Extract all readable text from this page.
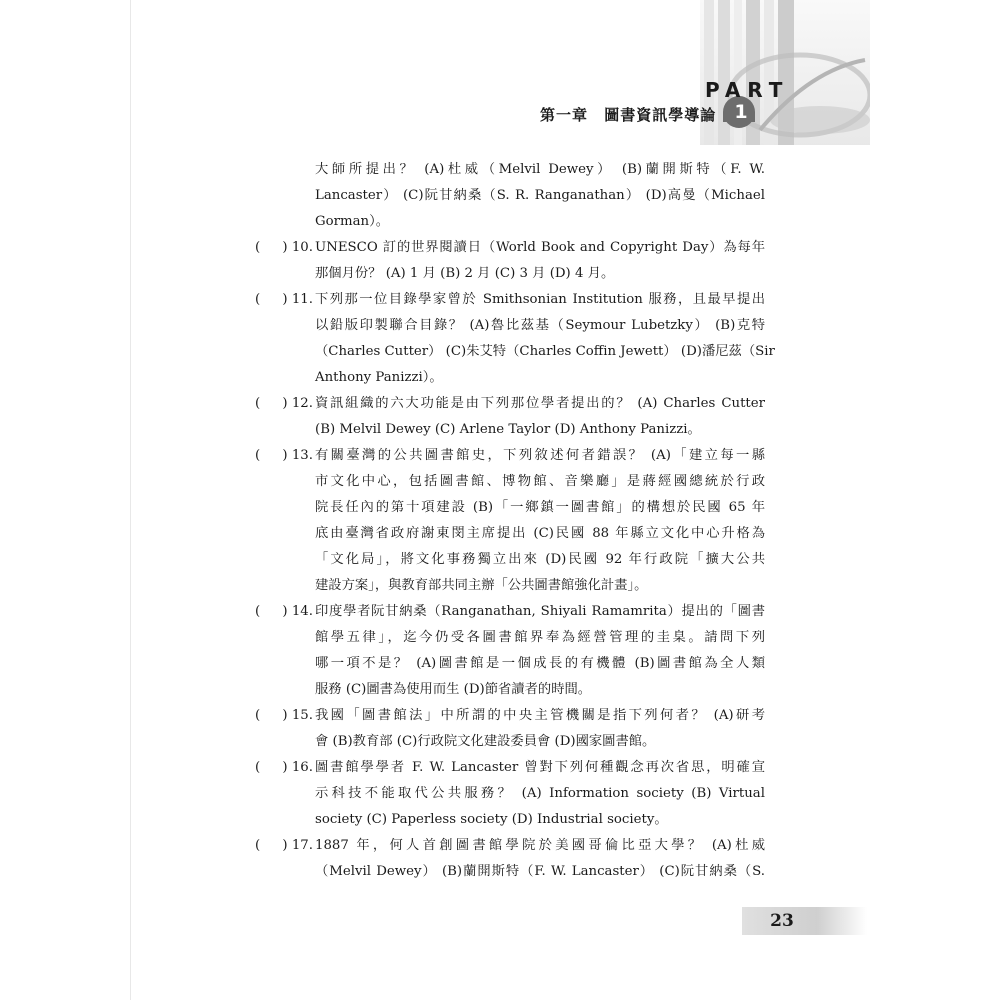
PART
1
第一章 圖書資訊學導論
大師所提出？ (A)杜威（Melvil Dewey） (B)蘭開斯特（F. W.
Lancaster） (C)阮甘納桑（S. R. Ranganathan） (D)高曼（Michael
Gorman）。
( ) 10. UNESCO 訂的世界閱讀日（World Book and Copyright Day）為每年
那個月份？ (A) 1 月 (B) 2 月 (C) 3 月 (D) 4 月。
( ) 11. 下列那一位目錄學家曾於 Smithsonian Institution 服務，且最早提出
以鉛版印製聯合目錄？ (A)魯比茲基（Seymour Lubetzky） (B)克特
（Charles Cutter） (C)朱艾特（Charles Coffin Jewett） (D)潘尼茲（Sir
Anthony Panizzi）。
( ) 12. 資訊組織的六大功能是由下列那位學者提出的？ (A) Charles Cutter
(B) Melvil Dewey (C) Arlene Taylor (D) Anthony Panizzi。
( ) 13. 有關臺灣的公共圖書館史，下列敘述何者錯誤？ (A)「建立每一縣
市文化中心，包括圖書館、博物館、音樂廳」是蔣經國總統於行政
院長任內的第十項建設 (B)「一鄉鎮一圖書館」的構想於民國 65 年
底由臺灣省政府謝東閔主席提出 (C)民國 88 年縣立文化中心升格為
「文化局」，將文化事務獨立出來 (D)民國 92 年行政院「擴大公共
建設方案」，與教育部共同主辦「公共圖書館強化計畫」。
( ) 14. 印度學者阮甘納桑（Ranganathan, Shiyali Ramamrita）提出的「圖書
館學五律」，迄今仍受各圖書館界奉為經營管理的圭臬。請問下列
哪一項不是？ (A)圖書館是一個成長的有機體 (B)圖書館為全人類
服務 (C)圖書為使用而生 (D)節省讀者的時間。
( ) 15. 我國「圖書館法」中所謂的中央主管機關是指下列何者？ (A)研考
會 (B)教育部 (C)行政院文化建設委員會 (D)國家圖書館。
( ) 16. 圖書館學學者 F. W. Lancaster 曾對下列何種觀念再次省思，明確宣
示科技不能取代公共服務？ (A) Information society (B) Virtual
society (C) Paperless society (D) Industrial society。
( ) 17. 1887 年，何人首創圖書館學院於美國哥倫比亞大學？ (A)杜威
（Melvil Dewey） (B)蘭開斯特（F. W. Lancaster） (C)阮甘納桑（S.
23
